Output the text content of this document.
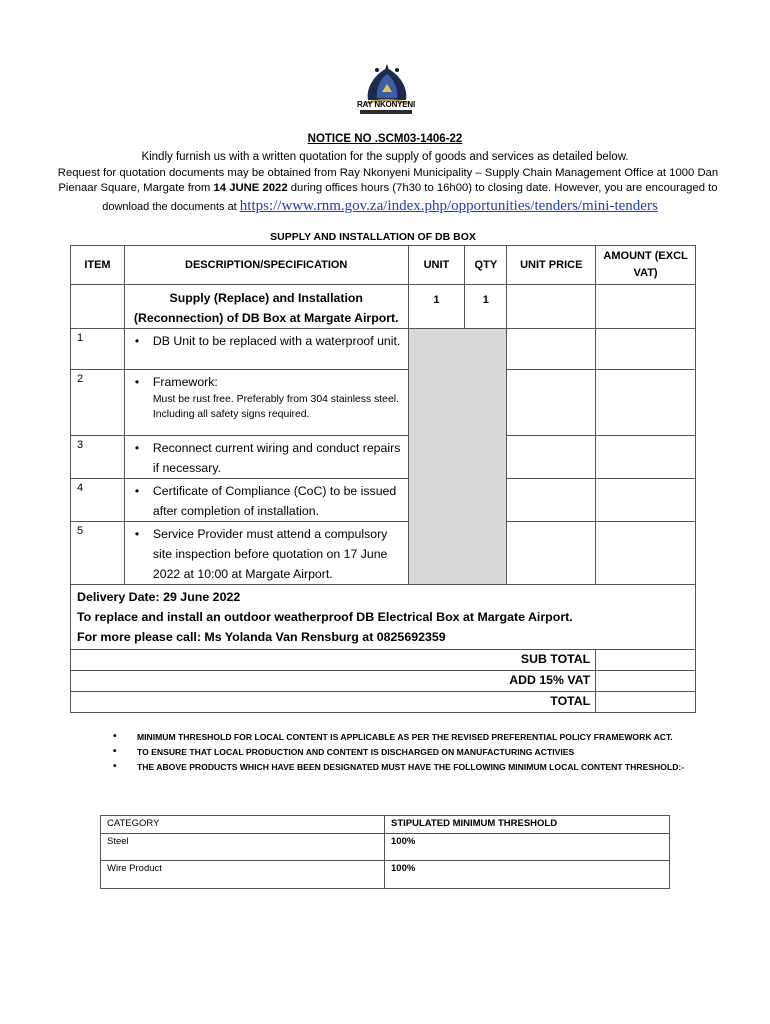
RAY NKONYENI
NOTICE NO .SCM03-1406-22
Kindly furnish us with a written quotation for the supply of goods and services as detailed below.
Request for quotation documents may be obtained from Ray Nkonyeni Municipality – Supply Chain Management Office at 1000 Dan
Pienaar Square, Margate from 14 JUNE 2022 during offices hours (7h30 to 16h00) to closing date. However, you are encouraged to
download the documents at https://www.rnm.gov.za/index.php/opportunities/tenders/mini-tenders
SUPPLY AND INSTALLATION OF DB BOX
ITEM	DESCRIPTION/SPECIFICATION	UNIT	QTY	UNIT PRICE	AMOUNT (EXCL VAT)
	Supply (Replace) and Installation (Reconnection) of DB Box at Margate Airport.	1	1		
1	• DB Unit to be replaced with a waterproof unit.			
2	• Framework:
Must be rust free. Preferably from 304 stainless steel.
Including all safety signs required.

3	• Reconnect current wiring and conduct repairs if necessary.		
4	• Certificate of Compliance (CoC) to be issued after completion of installation.		
5	• Service Provider must attend a compulsory site inspection before quotation on 17 June 2022 at 10:00 at Margate Airport.		

Delivery Date: 29 June 2022
To replace and install an outdoor weatherproof DB Electrical Box at Margate Airport.
For more please call: Ms Yolanda Van Rensburg at 0825692359					

SUB TOTAL					
ADD 15% VAT					
TOTAL					
• MINIMUM THRESHOLD FOR LOCAL CONTENT IS APPLICABLE AS PER THE REVISED PREFERENTIAL POLICY FRAMEWORK ACT.
• TO ENSURE THAT LOCAL PRODUCTION AND CONTENT IS DISCHARGED ON MANUFACTURING ACTIVIES
• THE ABOVE PRODUCTS WHICH HAVE BEEN DESIGNATED MUST HAVE THE FOLLOWING MINIMUM LOCAL CONTENT THRESHOLD:-
CATEGORY	STIPULATED MINIMUM THRESHOLD
Steel	100%
Wire Product	100%
